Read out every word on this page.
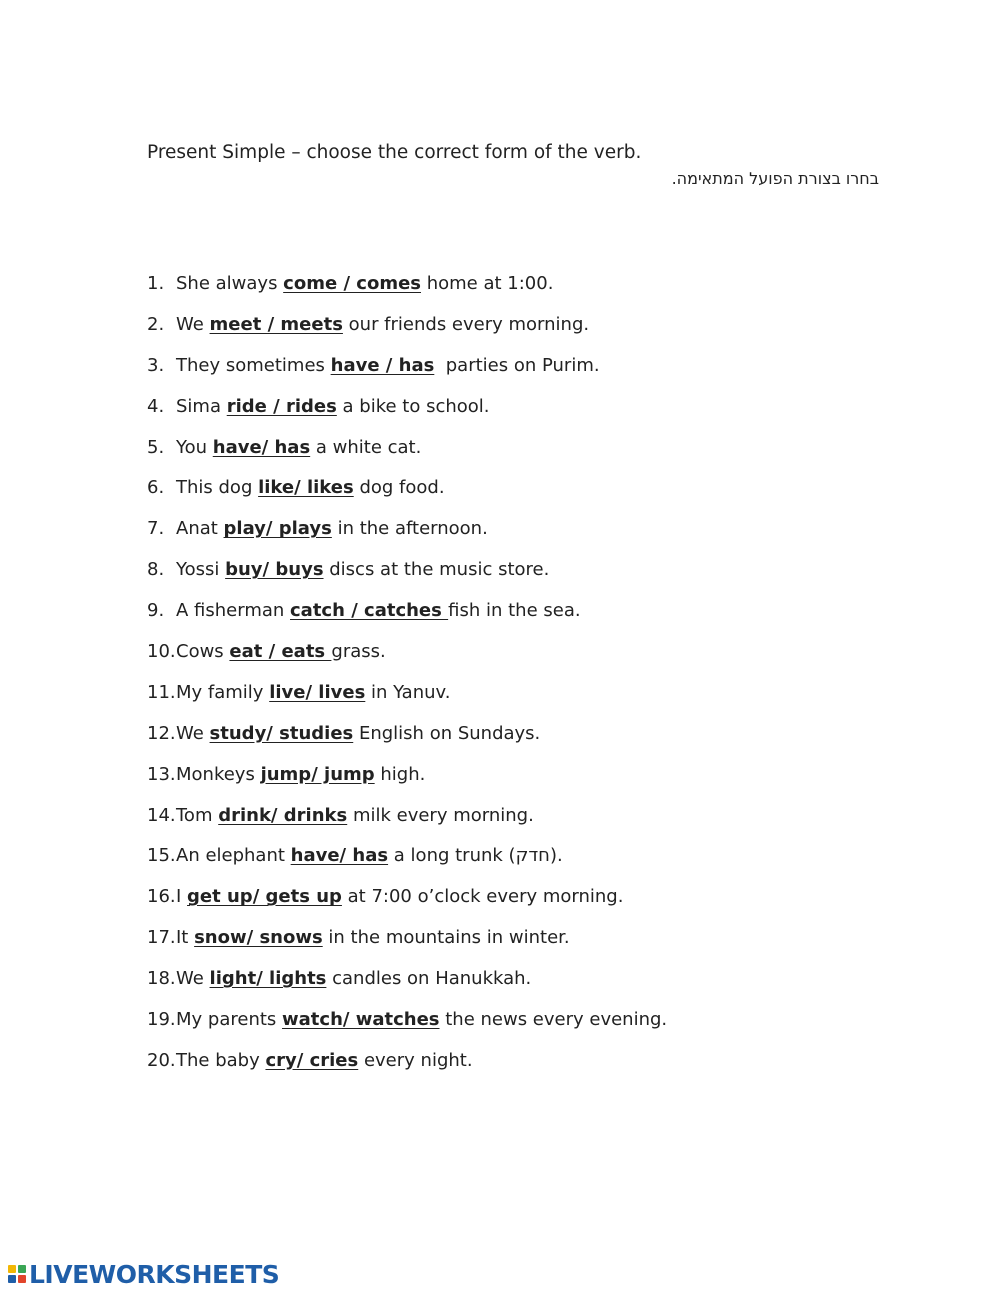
Present Simple – choose the correct form of the verb.
בחרו בצורת הפועל המתאימה.
1. She always come / comes home at 1:00.
2. We meet / meets our friends every morning.
3. They sometimes have / has  parties on Purim.
4. Sima ride / rides a bike to school.
5. You have/ has a white cat.
6. This dog like/ likes dog food.
7. Anat play/ plays in the afternoon.
8. Yossi buy/ buys discs at the music store.
9. A fisherman catch / catches fish in the sea.
10. Cows eat / eats grass.
11. My family live/ lives in Yanuv.
12. We study/ studies English on Sundays.
13. Monkeys jump/ jump high.
14. Tom drink/ drinks milk every morning.
15. An elephant have/ has a long trunk (חדק).
16. I get up/ gets up at 7:00 o’clock every morning.
17. It snow/ snows in the mountains in winter.
18. We light/ lights candles on Hanukkah.
19. My parents watch/ watches the news every evening.
20. The baby cry/ cries every night.
LIVEWORKSHEETS
